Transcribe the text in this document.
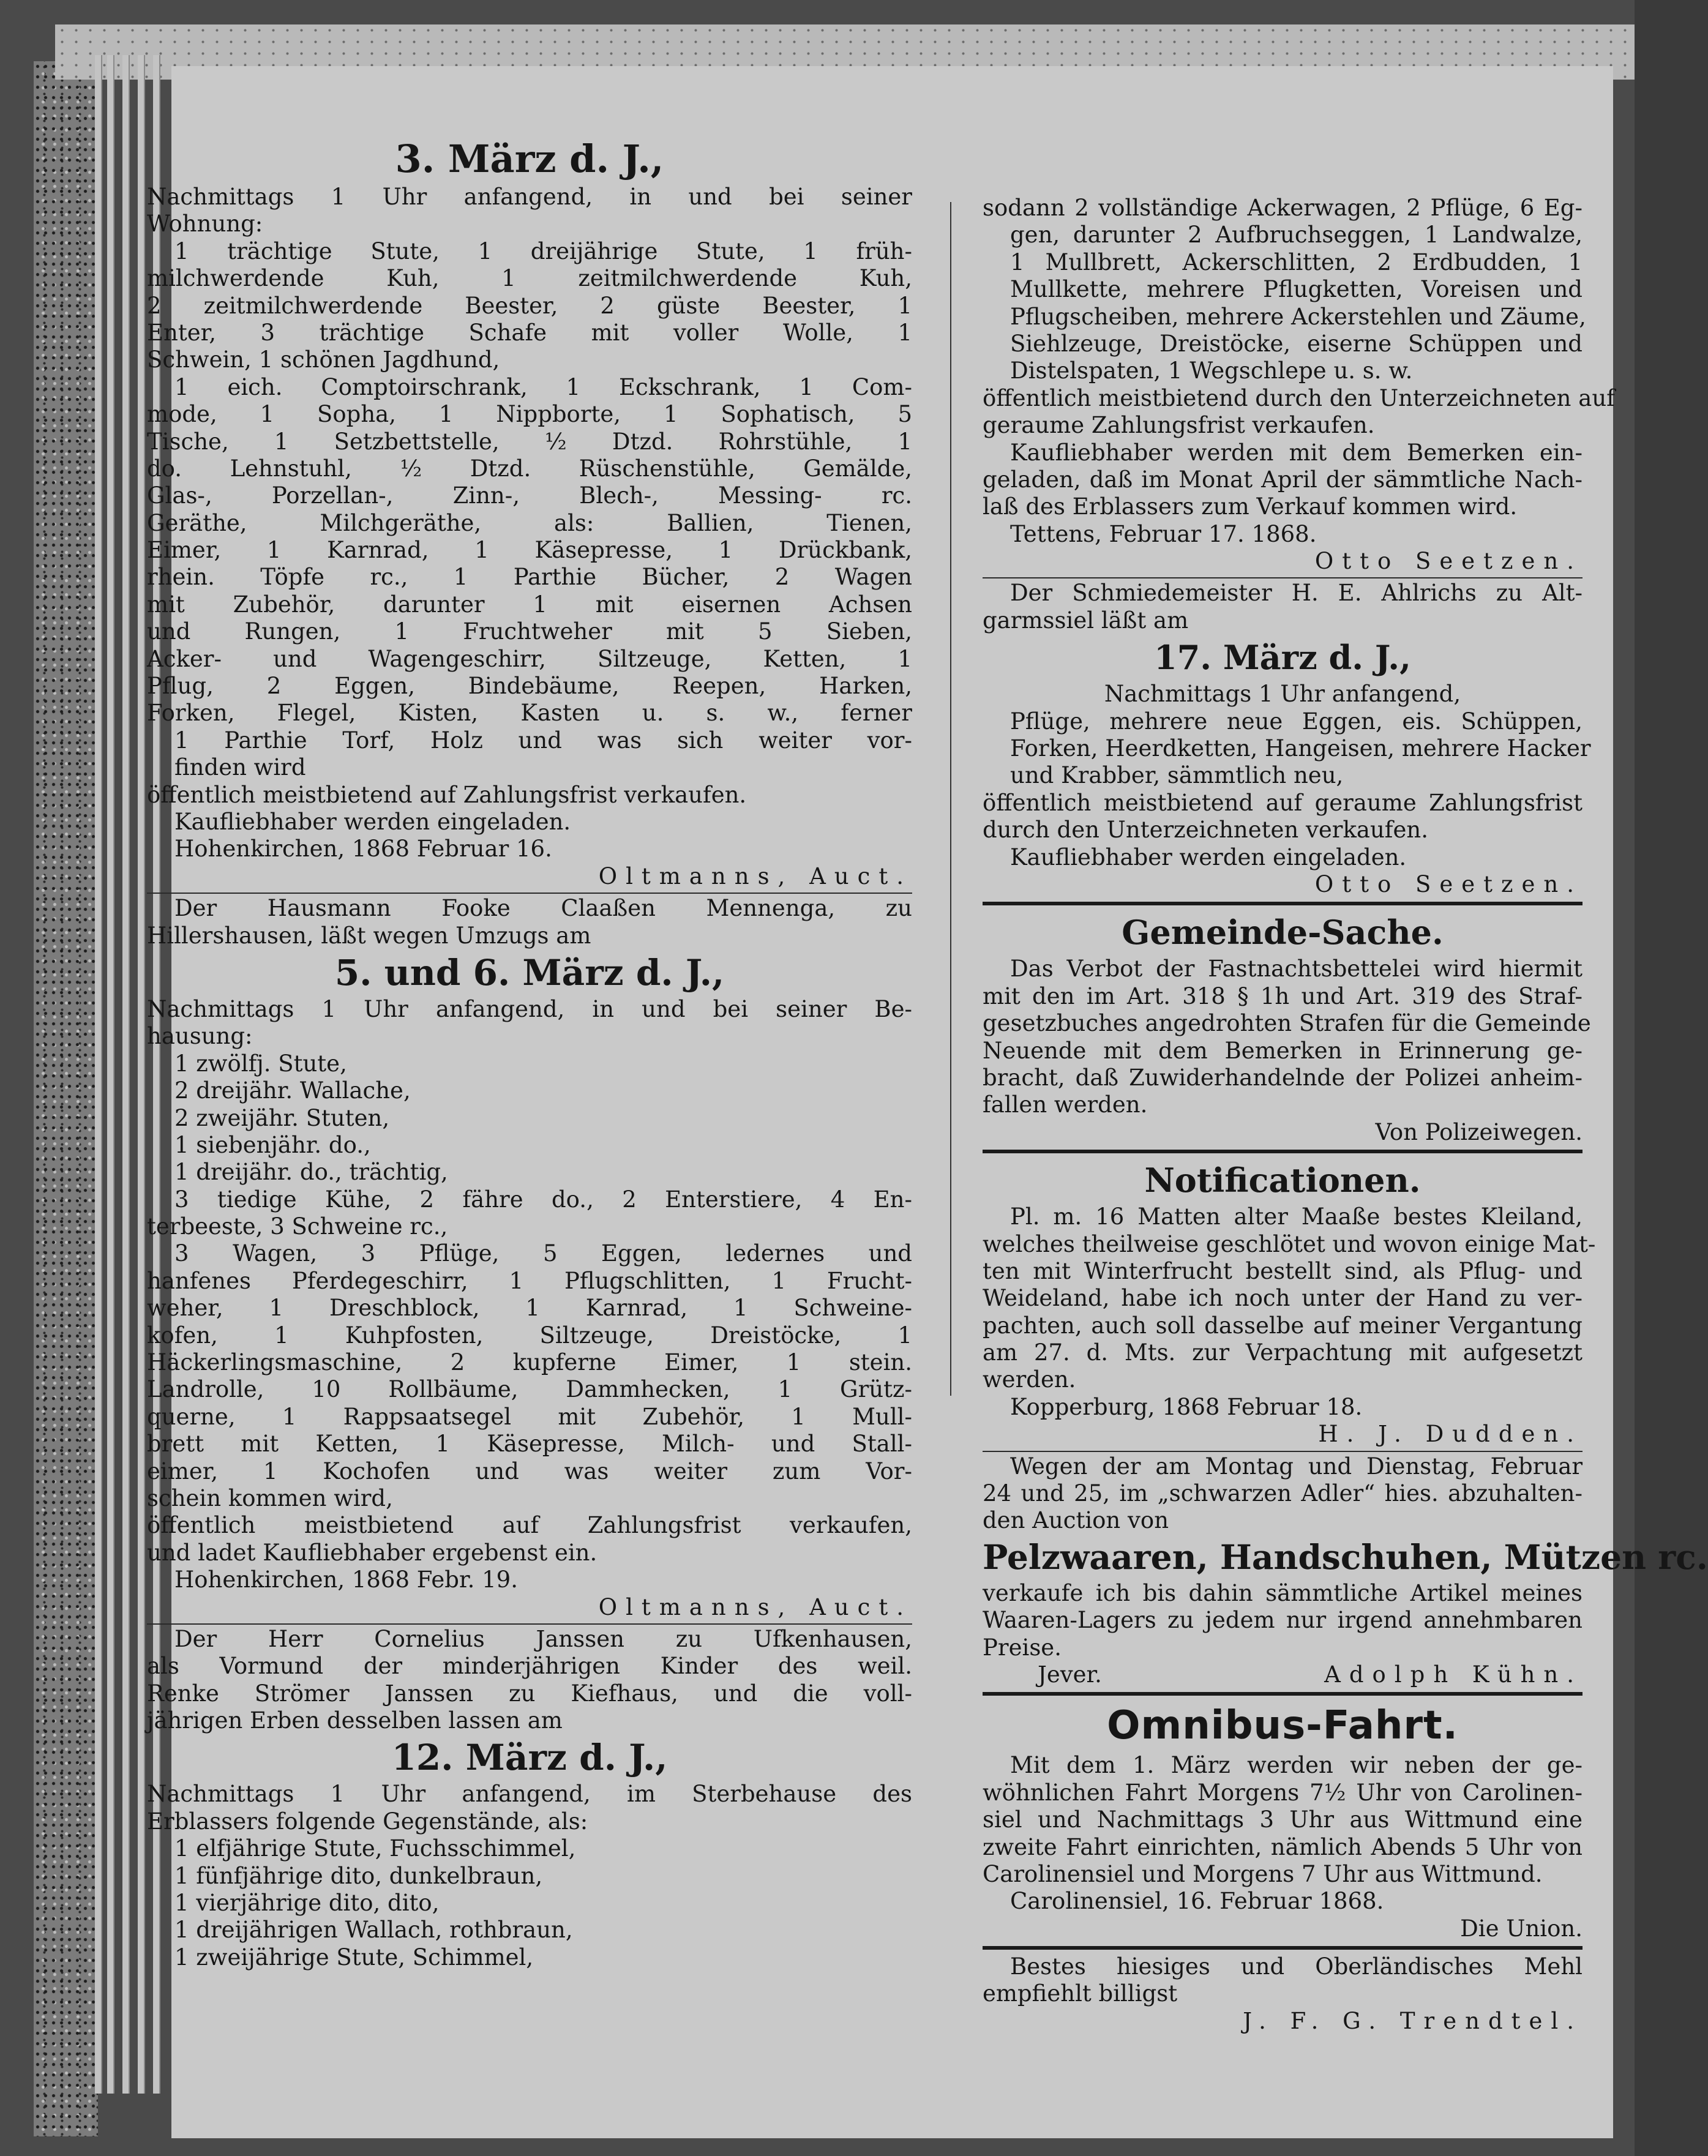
3. März d. J.,
Nachmittags 1 Uhr anfangend, in und bei seiner
Wohnung:
1 trächtige Stute, 1 dreijährige Stute, 1 früh-
milchwerdende Kuh, 1 zeitmilchwerdende Kuh,
2 zeitmilchwerdende Beester, 2 güste Beester, 1
Enter, 3 trächtige Schafe mit voller Wolle, 1
Schwein, 1 schönen Jagdhund,
1 eich. Comptoirschrank, 1 Eckschrank, 1 Com-
mode, 1 Sopha, 1 Nippborte, 1 Sophatisch, 5
Tische, 1 Setzbettstelle, ½ Dtzd. Rohrstühle, 1
do. Lehnstuhl, ½ Dtzd. Rüschenstühle, Gemälde,
Glas-, Porzellan-, Zinn-, Blech-, Messing- rc.
Geräthe, Milchgeräthe, als: Ballien, Tienen,
Eimer, 1 Karnrad, 1 Käsepresse, 1 Drückbank,
rhein. Töpfe rc., 1 Parthie Bücher, 2 Wagen
mit Zubehör, darunter 1 mit eisernen Achsen
und Rungen, 1 Fruchtweher mit 5 Sieben,
Acker- und Wagengeschirr, Siltzeuge, Ketten, 1
Pflug, 2 Eggen, Bindebäume, Reepen, Harken,
Forken, Flegel, Kisten, Kasten u. s. w., ferner
1 Parthie Torf, Holz und was sich weiter vor-
finden wird
öffentlich meistbietend auf Zahlungsfrist verkaufen.
Kaufliebhaber werden eingeladen.
Hohenkirchen, 1868 Februar 16.
Oltmanns, Auct.
Der Hausmann Fooke Claaßen Mennenga, zu
Hillershausen, läßt wegen Umzugs am
5. und 6. März d. J.,
Nachmittags 1 Uhr anfangend, in und bei seiner Be-
hausung:
1 zwölfj. Stute,
2 dreijähr. Wallache,
2 zweijähr. Stuten,
1 siebenjähr. do.,
1 dreijähr. do., trächtig,
3 tiedige Kühe, 2 fähre do., 2 Enterstiere, 4 En-
terbeeste, 3 Schweine rc.,
3 Wagen, 3 Pflüge, 5 Eggen, ledernes und
hanfenes Pferdegeschirr, 1 Pflugschlitten, 1 Frucht-
weher, 1 Dreschblock, 1 Karnrad, 1 Schweine-
kofen, 1 Kuhpfosten, Siltzeuge, Dreistöcke, 1
Häckerlingsmaschine, 2 kupferne Eimer, 1 stein.
Landrolle, 10 Rollbäume, Dammhecken, 1 Grütz-
querne, 1 Rappsaatsegel mit Zubehör, 1 Mull-
brett mit Ketten, 1 Käsepresse, Milch- und Stall-
eimer, 1 Kochofen und was weiter zum Vor-
schein kommen wird,
öffentlich meistbietend auf Zahlungsfrist verkaufen,
und ladet Kaufliebhaber ergebenst ein.
Hohenkirchen, 1868 Febr. 19.
Oltmanns, Auct.
Der Herr Cornelius Janssen zu Ufkenhausen,
als Vormund der minderjährigen Kinder des weil.
Renke Strömer Janssen zu Kiefhaus, und die voll-
jährigen Erben desselben lassen am
12. März d. J.,
Nachmittags 1 Uhr anfangend, im Sterbehause des
Erblassers folgende Gegenstände, als:
1 elfjährige Stute, Fuchsschimmel,
1 fünfjährige dito, dunkelbraun,
1 vierjährige dito, dito,
1 dreijährigen Wallach, rothbraun,
1 zweijährige Stute, Schimmel,
sodann 2 vollständige Ackerwagen, 2 Pflüge, 6 Eg-
gen, darunter 2 Aufbruchseggen, 1 Landwalze,
1 Mullbrett, Ackerschlitten, 2 Erdbudden, 1
Mullkette, mehrere Pflugketten, Voreisen und
Pflugscheiben, mehrere Ackerstehlen und Zäume,
Siehlzeuge, Dreistöcke, eiserne Schüppen und
Distelspaten, 1 Wegschlepe u. s. w.
öffentlich meistbietend durch den Unterzeichneten auf
geraume Zahlungsfrist verkaufen.
Kaufliebhaber werden mit dem Bemerken ein-
geladen, daß im Monat April der sämmtliche Nach-
laß des Erblassers zum Verkauf kommen wird.
Tettens, Februar 17. 1868.
Otto Seetzen.
Der Schmiedemeister H. E. Ahlrichs zu Alt-
garmssiel läßt am
17. März d. J.,
Nachmittags 1 Uhr anfangend,
Pflüge, mehrere neue Eggen, eis. Schüppen,
Forken, Heerdketten, Hangeisen, mehrere Hacker
und Krabber, sämmtlich neu,
öffentlich meistbietend auf geraume Zahlungsfrist
durch den Unterzeichneten verkaufen.
Kaufliebhaber werden eingeladen.
Otto Seetzen.
Gemeinde-Sache.
Das Verbot der Fastnachtsbettelei wird hiermit
mit den im Art. 318 § 1h und Art. 319 des Straf-
gesetzbuches angedrohten Strafen für die Gemeinde
Neuende mit dem Bemerken in Erinnerung ge-
bracht, daß Zuwiderhandelnde der Polizei anheim-
fallen werden.
Von Polizeiwegen.
Notificationen.
Pl. m. 16 Matten alter Maaße bestes Kleiland,
welches theilweise geschlötet und wovon einige Mat-
ten mit Winterfrucht bestellt sind, als Pflug- und
Weideland, habe ich noch unter der Hand zu ver-
pachten, auch soll dasselbe auf meiner Vergantung
am 27. d. Mts. zur Verpachtung mit aufgesetzt
werden.
Kopperburg, 1868 Februar 18.
H. J. Dudden.
Wegen der am Montag und Dienstag, Februar
24 und 25, im „schwarzen Adler“ hies. abzuhalten-
den Auction von
Pelzwaaren, Handschuhen, Mützen rc.
verkaufe ich bis dahin sämmtliche Artikel meines
Waaren-Lagers zu jedem nur irgend annehmbaren
Preise.
Jever.	Adolph Kühn.
Omnibus-Fahrt.
Mit dem 1. März werden wir neben der ge-
wöhnlichen Fahrt Morgens 7½ Uhr von Carolinen-
siel und Nachmittags 3 Uhr aus Wittmund eine
zweite Fahrt einrichten, nämlich Abends 5 Uhr von
Carolinensiel und Morgens 7 Uhr aus Wittmund.
Carolinensiel, 16. Februar 1868.
Die Union.
Bestes hiesiges und Oberländisches Mehl
empfiehlt billigst
J. F. G. Trendtel.
